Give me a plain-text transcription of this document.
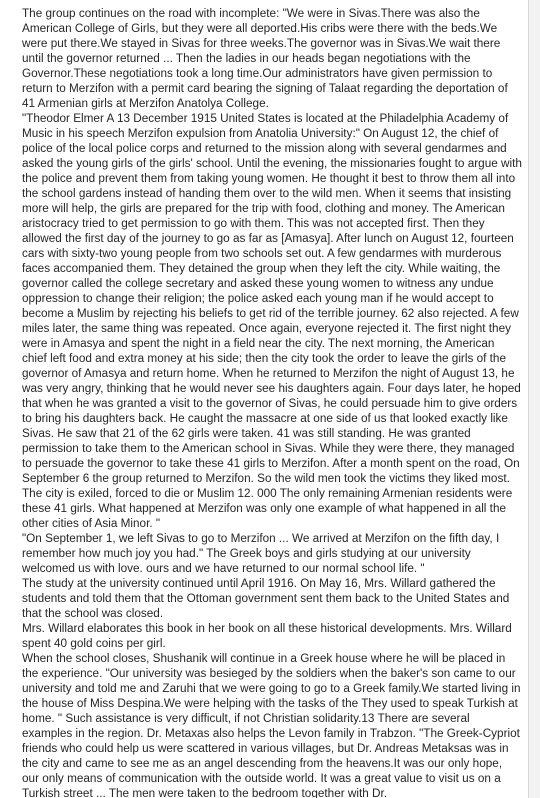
The group continues on the road with incomplete: "We were in Sivas.There was also the American College of Girls, but they were all deported.His cribs were there with the beds.We were put there.We stayed in Sivas for three weeks.The governor was in Sivas.We wait there until the governor returned ... Then the ladies in our heads began negotiations with the Governor.These negotiations took a long time.Our administrators have given permission to return to Merzifon with a permit card bearing the signing of Talaat regarding the deportation of 41 Armenian girls at Merzifon Anatolya College.

"Theodor Elmer A 13 December 1915 United States is located at the Philadelphia Academy of Music in his speech Merzifon expulsion from Anatolia University:" On August 12, the chief of police of the local police corps and returned to the mission along with several gendarmes and asked the young girls of the girls' school. Until the evening, the missionaries fought to argue with the police and prevent them from taking young women. He thought it best to throw them all into the school gardens instead of handing them over to the wild men. When it seems that insisting more will help, the girls are prepared for the trip with food, clothing and money. The American aristocracy tried to get permission to go with them. This was not accepted first. Then they allowed the first day of the journey to go as far as [Amasya]. After lunch on August 12, fourteen cars with sixty-two young people from two schools set out. A few gendarmes with murderous faces accompanied them. They detained the group when they left the city. While waiting, the governor called the college secretary and asked these young women to witness any undue oppression to change their religion; the police asked each young man if he would accept to become a Muslim by rejecting his beliefs to get rid of the terrible journey. 62 also rejected. A few miles later, the same thing was repeated. Once again, everyone rejected it. The first night they were in Amasya and spent the night in a field near the city. The next morning, the American chief left food and extra money at his side; then the city took the order to leave the girls of the governor of Amasya and return home. When he returned to Merzifon the night of August 13, he was very angry, thinking that he would never see his daughters again. Four days later, he hoped that when he was granted a visit to the governor of Sivas, he could persuade him to give orders to bring his daughters back. He caught the massacre at one side of us that looked exactly like Sivas. He saw that 21 of the 62 girls were taken. 41 was still standing. He was granted permission to take them to the American school in Sivas. While they were there, they managed to persuade the governor to take these 41 girls to Merzifon. After a month spent on the road, On September 6 the group returned to Merzifon. So the wild men took the victims they liked most. The city is exiled, forced to die or Muslim 12. 000 The only remaining Armenian residents were these 41 girls. What happened at Merzifon was only one example of what happened in all the other cities of Asia Minor. "

"On September 1, we left Sivas to go to Merzifon ... We arrived at Merzifon on the fifth day, I remember how much joy you had." The Greek boys and girls studying at our university welcomed us with love. ours and we have returned to our normal school life. "

The study at the university continued until April 1916. On May 16, Mrs. Willard gathered the students and told them that the Ottoman government sent them back to the United States and that the school was closed.

Mrs. Willard elaborates this book in her book on all these historical developments. Mrs. Willard spent 40 gold coins per girl.

When the school closes, Shushanik will continue in a Greek house where he will be placed in the experience. "Our university was besieged by the soldiers when the baker's son came to our university and told me and Zaruhi that we were going to go to a Greek family.We started living in the house of Miss Despina.We were helping with the tasks of the They used to speak Turkish at home. " Such assistance is very difficult, if not Christian solidarity.13 There are several examples in the region. Dr. Metaxas also helps the Levon family in Trabzon. "The Greek-Cypriot friends who could help us were scattered in various villages, but Dr. Andreas Metaksas was in the city and came to see me as an angel descending from the heavens.It was our only hope, our only means of communication with the outside world. It was a great value to visit us on a Turkish street ... The men were taken to the bedroom together with Dr.
